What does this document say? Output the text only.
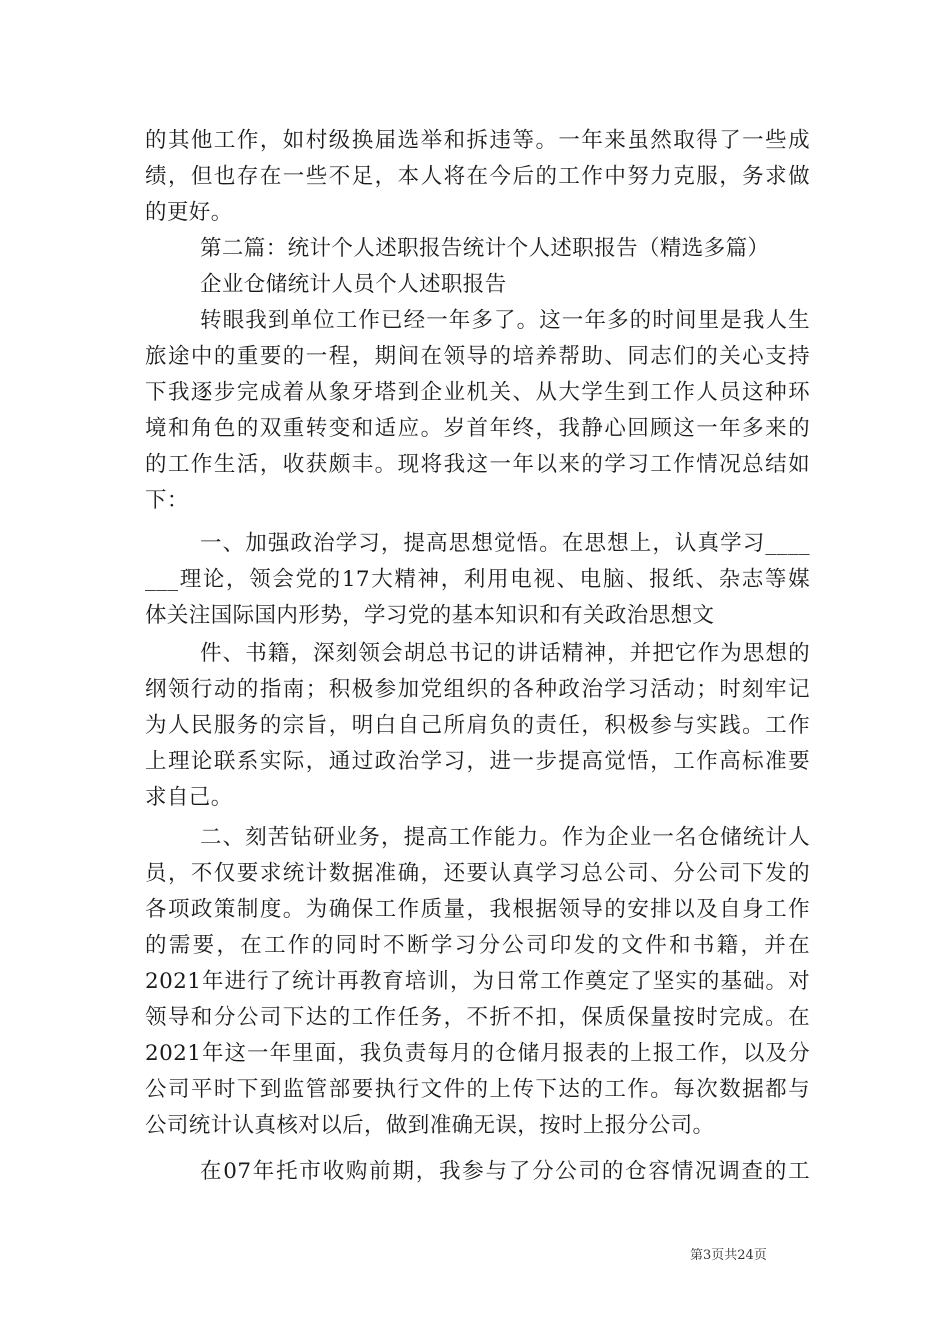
的其他工作，如村级换届选举和拆违等。一年来虽然取得了一些成
绩，但也存在一些不足，本人将在今后的工作中努力克服，务求做
的更好。
第二篇：统计个人述职报告统计个人述职报告（精选多篇）
企业仓储统计人员个人述职报告
转眼我到单位工作已经一年多了。这一年多的时间里是我人生
旅途中的重要的一程，期间在领导的培养帮助、同志们的关心支持
下我逐步完成着从象牙塔到企业机关、从大学生到工作人员这种环
境和角色的双重转变和适应。岁首年终，我静心回顾这一年多来的
的工作生活，收获颇丰。现将我这一年以来的学习工作情况总结如
下：
一、加强政治学习，提高思想觉悟。在思想上，认真学习____
___理论，领会党的17大精神，利用电视、电脑、报纸、杂志等媒
体关注国际国内形势，学习党的基本知识和有关政治思想文
件、书籍，深刻领会胡总书记的讲话精神，并把它作为思想的
纲领行动的指南；积极参加党组织的各种政治学习活动；时刻牢记
为人民服务的宗旨，明白自己所肩负的责任，积极参与实践。工作
上理论联系实际，通过政治学习，进一步提高觉悟，工作高标准要
求自己。
二、刻苦钻研业务，提高工作能力。作为企业一名仓储统计人
员，不仅要求统计数据准确，还要认真学习总公司、分公司下发的
各项政策制度。为确保工作质量，我根据领导的安排以及自身工作
的需要，在工作的同时不断学习分公司印发的文件和书籍，并在
2021年进行了统计再教育培训，为日常工作奠定了坚实的基础。对
领导和分公司下达的工作任务，不折不扣，保质保量按时完成。在
2021年这一年里面，我负责每月的仓储月报表的上报工作，以及分
公司平时下到监管部要执行文件的上传下达的工作。每次数据都与
公司统计认真核对以后，做到准确无误，按时上报分公司。
在07年托市收购前期，我参与了分公司的仓容情况调查的工
第3页共24页
